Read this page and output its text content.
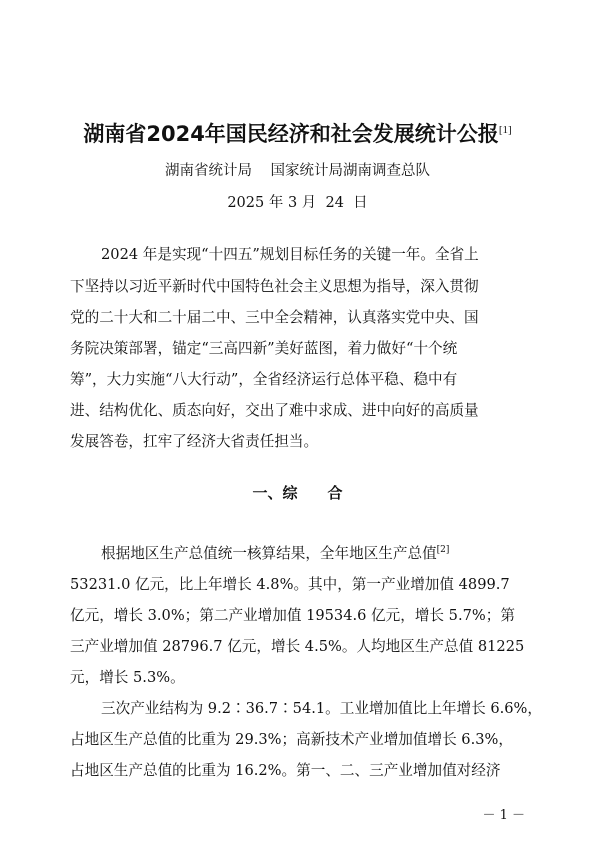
湖南省2024年国民经济和社会发展统计公报[1]
湖南省统计局    国家统计局湖南调查总队
2025 年 3 月  24  日
2024 年是实现“十四五”规划目标任务的关键一年。全省上
下坚持以习近平新时代中国特色社会主义思想为指导，深入贯彻
党的二十大和二十届二中、三中全会精神，认真落实党中央、国
务院决策部署，锚定“三高四新”美好蓝图，着力做好“十个统
筹”，大力实施“八大行动”，全省经济运行总体平稳、稳中有
进、结构优化、质态向好，交出了难中求成、进中向好的高质量
发展答卷，扛牢了经济大省责任担当。
一、综　　合
根据地区生产总值统一核算结果，全年地区生产总值[2]
53231.0 亿元，比上年增长 4.8%。其中，第一产业增加值 4899.7
亿元，增长 3.0%；第二产业增加值 19534.6 亿元，增长 5.7%；第
三产业增加值 28796.7 亿元，增长 4.5%。人均地区生产总值 81225
元，增长 5.3%。
三次产业结构为 9.2∶36.7∶54.1。工业增加值比上年增长 6.6%，
占地区生产总值的比重为 29.3%；高新技术产业增加值增长 6.3%，
占地区生产总值的比重为 16.2%。第一、二、三产业增加值对经济
－ 1 －
